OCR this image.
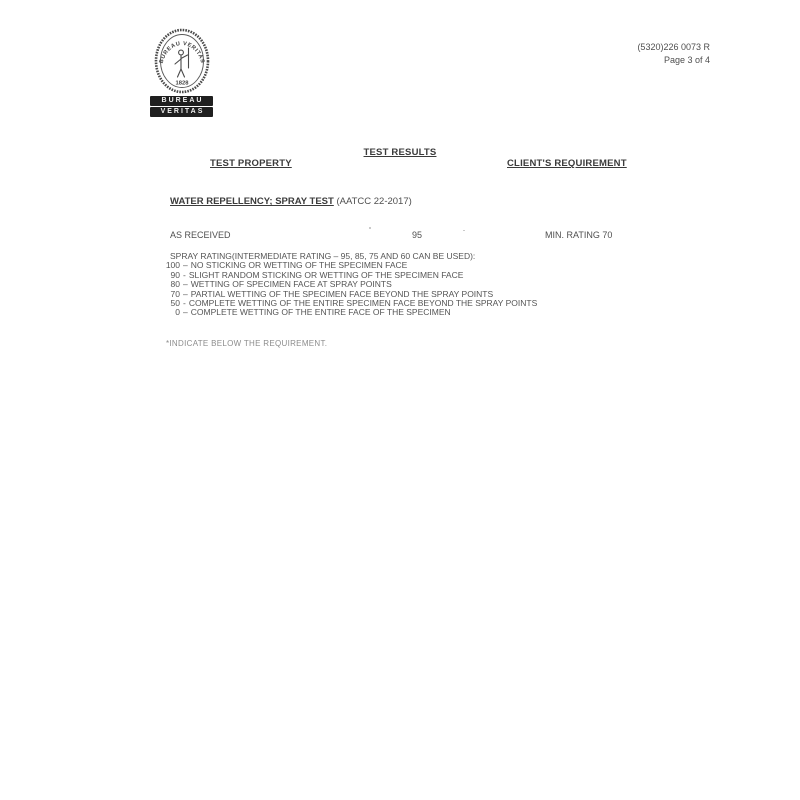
BUREAU VERITAS
1828
BUREAU
VERITAS
(5320)226 0073 R
Page 3 of 4
TEST RESULTS
TEST PROPERTY	CLIENT'S REQUIREMENT
WATER REPELLENCY; SPRAY TEST (AATCC 22-2017)
AS RECEIVED	95	MIN. RATING 70
SPRAY RATING(INTERMEDIATE RATING – 95, 85, 75 AND 60 CAN BE USED):
100 – NO STICKING OR WETTING OF THE SPECIMEN FACE
90 - SLIGHT RANDOM STICKING OR WETTING OF THE SPECIMEN FACE
80 – WETTING OF SPECIMEN FACE AT SPRAY POINTS
70 – PARTIAL WETTING OF THE SPECIMEN FACE BEYOND THE SPRAY POINTS
50 - COMPLETE WETTING OF THE ENTIRE SPECIMEN FACE BEYOND THE SPRAY POINTS
0 – COMPLETE WETTING OF THE ENTIRE FACE OF THE SPECIMEN
*INDICATE BELOW THE REQUIREMENT.
